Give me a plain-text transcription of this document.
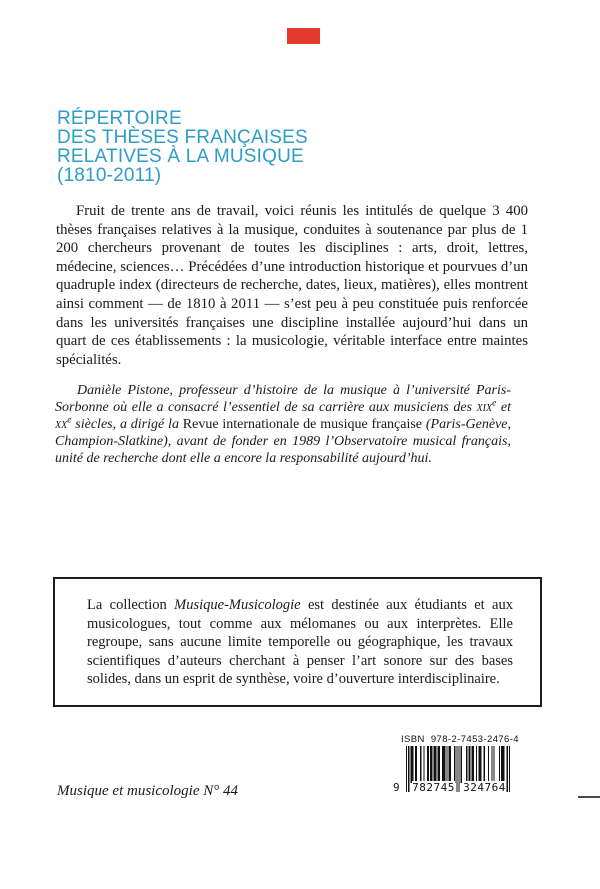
RÉPERTOIRE
DES THÈSES FRANÇAISES
RELATIVES À LA MUSIQUE
(1810-2011)

Fruit de trente ans de travail, voici réunis les intitulés de quelque 3 400 thèses françaises relatives à la musique, conduites à soutenance par plus de 1 200 chercheurs provenant de toutes les disciplines : arts, droit, lettres, médecine, sciences… Précédées d’une introduction historique et pourvues d’un quadruple index (directeurs de recherche, dates, lieux, matières), elles montrent ainsi comment — de 1810 à 2011 — s’est peu à peu constituée puis renforcée dans les universités françaises une discipline installée aujourd’hui dans un quart de ces établissements : la musicologie, véritable interface entre maintes spécialités.

Danièle Pistone, professeur d’histoire de la musique à l’université Paris-Sorbonne où elle a consacré l’essentiel de sa carrière aux musiciens des xix$^e$ et $xx^e$ siècles, a dirigé la Revue internationale de musique française (Paris-Genève, Champion-Slatkine), avant de fonder en 1989 l’Observatoire musical français, unité de recherche dont elle a encore la responsabilité aujourd’hui.

La collection Musique-Musicologie est destinée aux étudiants et aux musicologues, tout comme aux mélomanes ou aux interprètes. Elle regroupe, sans aucune limite temporelle ou géographique, les travaux scientifiques d’auteurs cherchant à penser l’art sonore sur des bases solides, dans un esprit de synthèse, voire d’ouverture interdisciplinaire.

Musique et musicologie N° 44
ISBN  978-2-7453-2476-4
9 782745 324764
